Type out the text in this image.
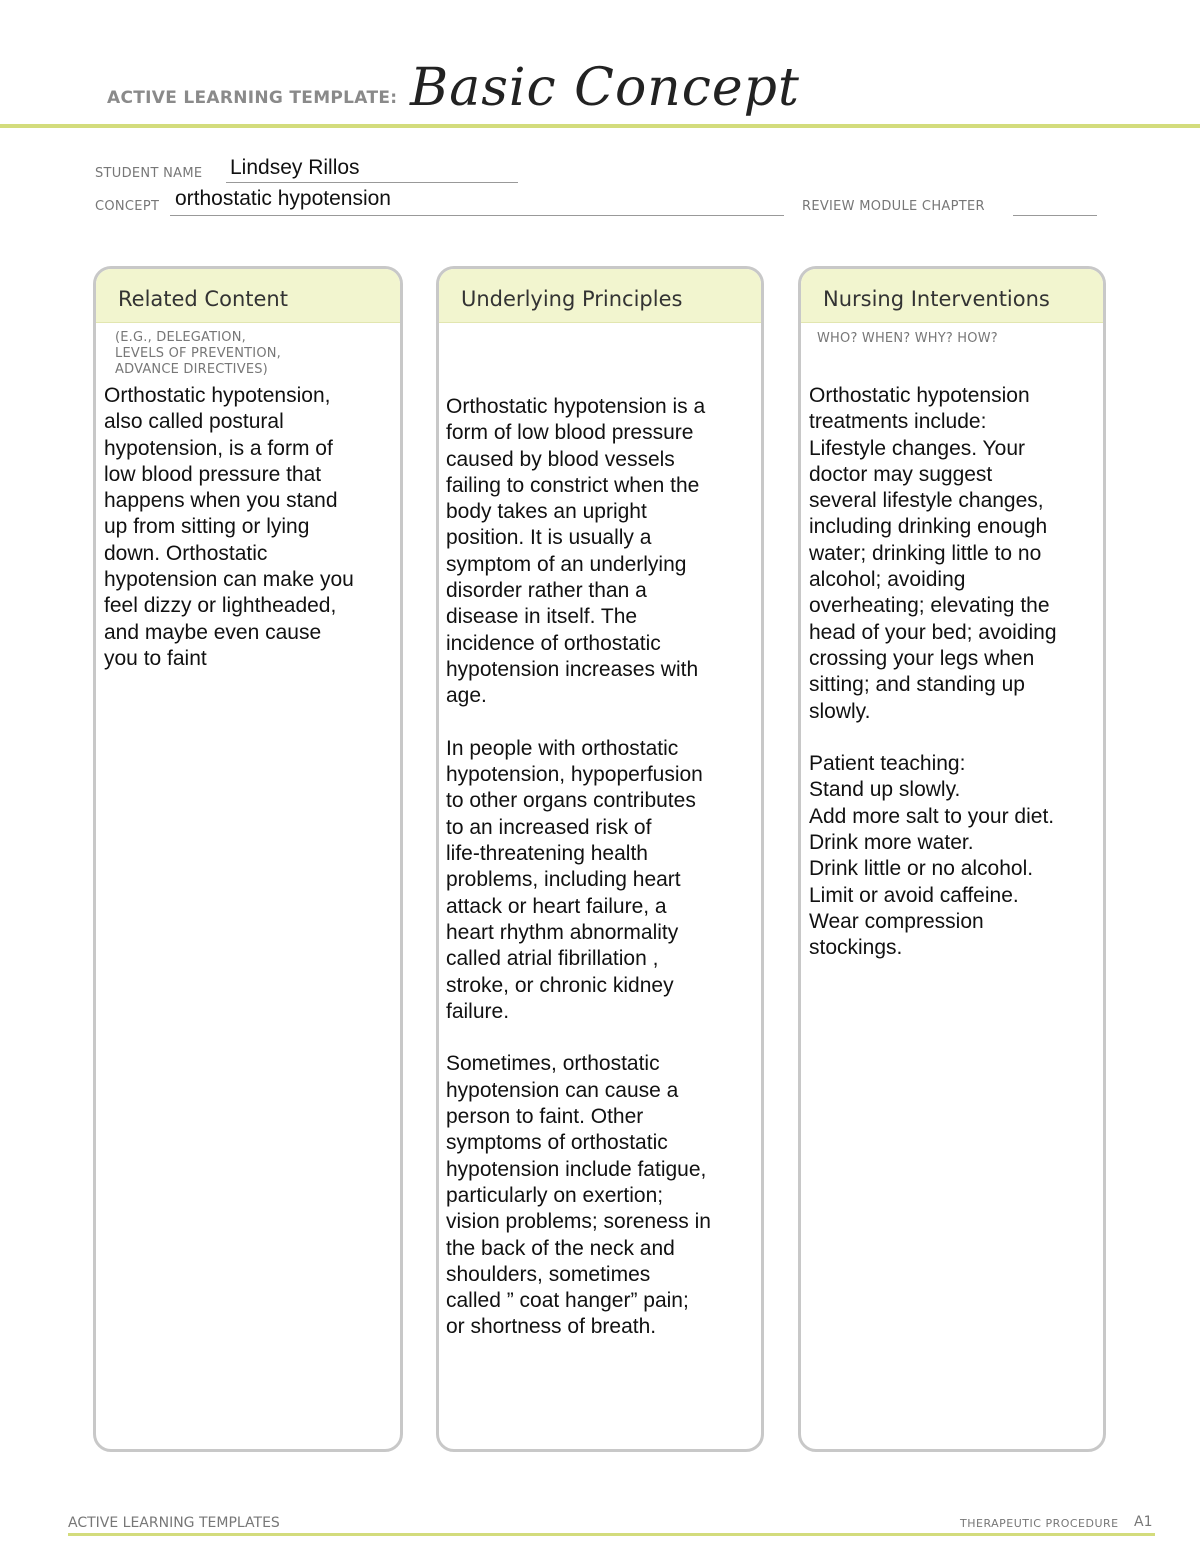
ACTIVE LEARNING TEMPLATE: Basic Concept
STUDENT NAME Lindsey Rillos
CONCEPT orthostatic hypotension	REVIEW MODULE CHAPTER
Related Content
(E.G., DELEGATION,
LEVELS OF PREVENTION,
ADVANCE DIRECTIVES)
Orthostatic hypotension,
also called postural
hypotension, is a form of
low blood pressure that
happens when you stand
up from sitting or lying
down. Orthostatic
hypotension can make you
feel dizzy or lightheaded,
and maybe even cause
you to faint
Underlying Principles
Orthostatic hypotension is a
form of low blood pressure
caused by blood vessels
failing to constrict when the
body takes an upright
position. It is usually a
symptom of an underlying
disorder rather than a
disease in itself. The
incidence of orthostatic
hypotension increases with
age.

In people with orthostatic
hypotension, hypoperfusion
to other organs contributes
to an increased risk of
life-threatening health
problems, including heart
attack or heart failure, a
heart rhythm abnormality
called atrial fibrillation ,
stroke, or chronic kidney
failure.

Sometimes, orthostatic
hypotension can cause a
person to faint. Other
symptoms of orthostatic
hypotension include fatigue,
particularly on exertion;
vision problems; soreness in
the back of the neck and
shoulders, sometimes
called ” coat hanger” pain;
or shortness of breath.
Nursing Interventions
WHO? WHEN? WHY? HOW?
Orthostatic hypotension
treatments include:
Lifestyle changes. Your
doctor may suggest
several lifestyle changes,
including drinking enough
water; drinking little to no
alcohol; avoiding
overheating; elevating the
head of your bed; avoiding
crossing your legs when
sitting; and standing up
slowly.

Patient teaching:
Stand up slowly.
Add more salt to your diet.
Drink more water.
Drink little or no alcohol.
Limit or avoid caffeine.
Wear compression
stockings.
ACTIVE LEARNING TEMPLATES	THERAPEUTIC PROCEDURE A1
